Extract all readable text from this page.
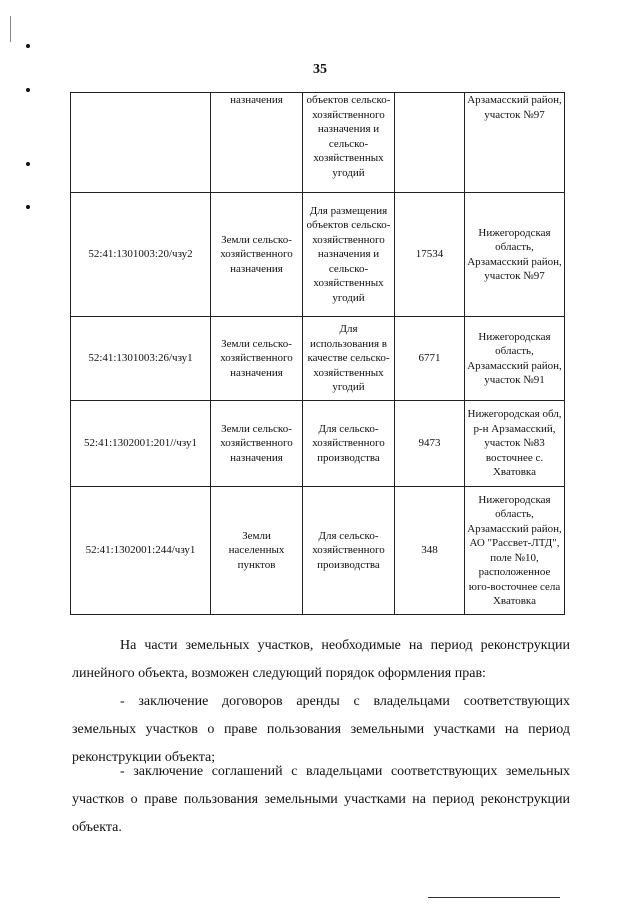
35
	назначения	объектов сельско-хозяйственного назначения и сельско-хозяйственных угодий		Арзамасский район, участок №97
52:41:1301003:20/чзу2	Земли сельско-хозяйственного назначения	Для размещения объектов сельско-хозяйственного назначения и сельско-хозяйственных угодий	17534	Нижегородская область, Арзамасский район, участок №97
52:41:1301003:26/чзу1	Земли сельско-хозяйственного назначения	Для использования в качестве сельско-хозяйственных угодий	6771	Нижегородская область, Арзамасский район, участок №91
52:41:1302001:201//чзу1	Земли сельско-хозяйственного назначения	Для сельско-хозяйственного производства	9473	Нижегородская обл, р-н Арзамасский, участок №83 восточнее с. Хватовка
52:41:1302001:244/чзу1	Земли населенных пунктов	Для сельско-хозяйственного производства	348	Нижегородская область, Арзамасский район, АО "Рассвет-ЛТД", поле №10, расположенное юго-восточнее села Хватовка

На части земельных участков, необходимые на период реконструкции линейного объекта, возможен следующий порядок оформления прав:

- заключение договоров аренды с владельцами соответствующих земельных участков о праве пользования земельными участками на период реконструкции объекта;

- заключение соглашений с владельцами соответствующих земельных участков о праве пользования земельными участками на период реконструкции объекта.
